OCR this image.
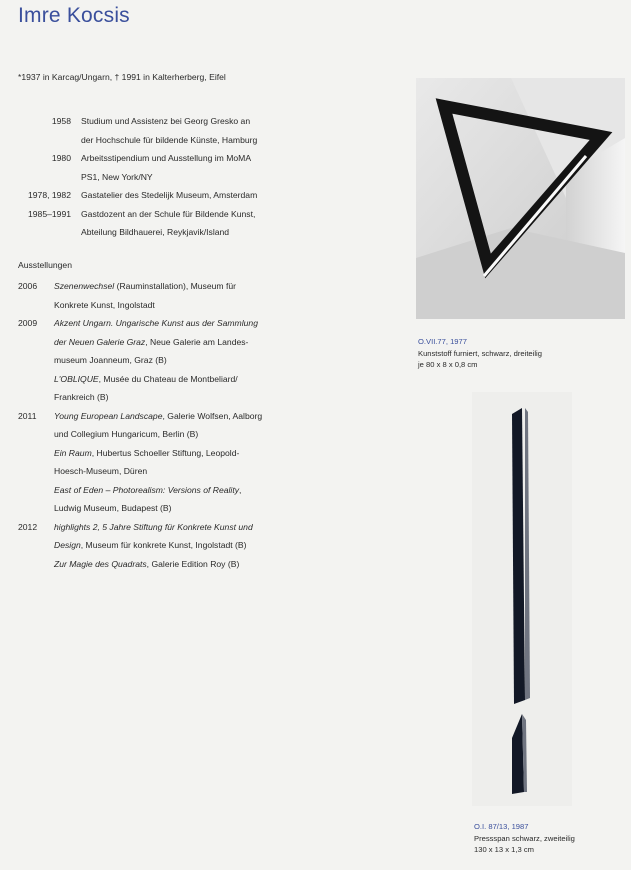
Imre Kocsis
*1937 in Karcag/Ungarn, † 1991 in Kalterherberg, Eifel
1958	Studium und Assistenz bei Georg Gresko an
der Hochschule für bildende Künste, Hamburg
1980	Arbeitsstipendium und Ausstellung im MoMA
PS1, New York/NY
1978, 1982	Gastatelier des Stedelijk Museum, Amsterdam
1985–1991	Gastdozent an der Schule für Bildende Kunst,
Abteilung Bildhauerei, Reykjavik/Island
Ausstellungen
2006	Szenenwechsel (Rauminstallation), Museum für
Konkrete Kunst, Ingolstadt
2009	Akzent Ungarn. Ungarische Kunst aus der Sammlung
der Neuen Galerie Graz, Neue Galerie am Landes-
museum Joanneum, Graz (B)
L'OBLIQUE, Musée du Chateau de Montbeliard/
Frankreich (B)
2011	Young European Landscape, Galerie Wolfsen, Aalborg
und Collegium Hungaricum, Berlin (B)
Ein Raum, Hubertus Schoeller Stiftung, Leopold-
Hoesch-Museum, Düren
East of Eden – Photorealism: Versions of Reality,
Ludwig Museum, Budapest (B)
2012	highlights 2, 5 Jahre Stiftung für Konkrete Kunst und
Design, Museum für konkrete Kunst, Ingolstadt (B)
Zur Magie des Quadrats, Galerie Edition Roy (B)
O.VII.77, 1977
Kunststoff furniert, schwarz, dreiteilig
je 80 x 8 x 0,8 cm
O.I. 87/13, 1987
Pressspan schwarz, zweiteilig
130 x 13 x 1,3 cm
